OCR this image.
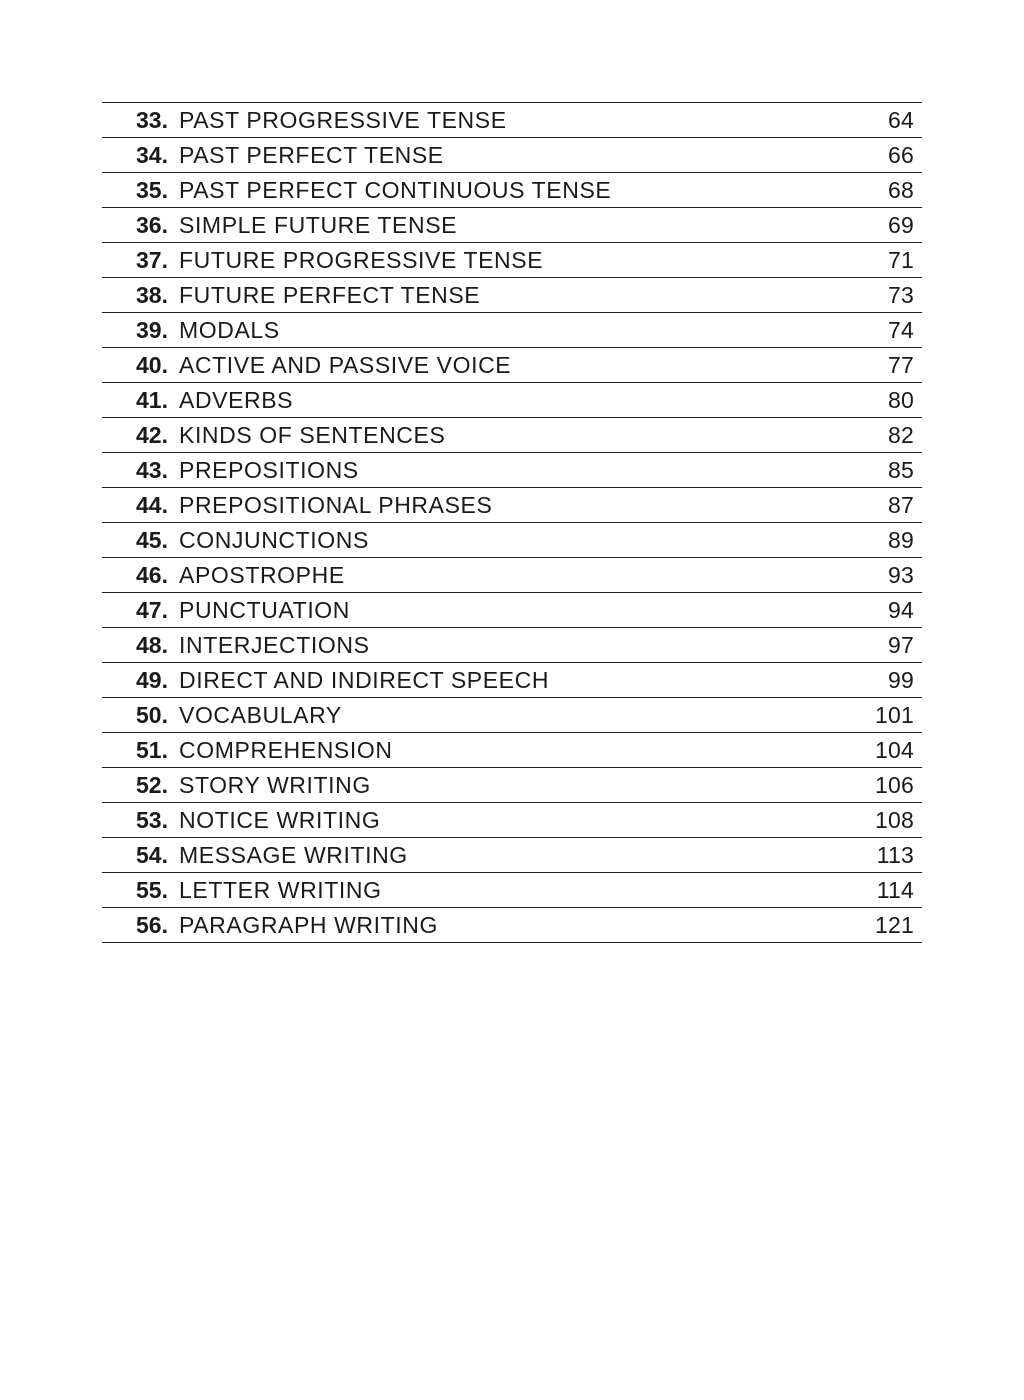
33. PAST PROGRESSIVE TENSE	64
34. PAST PERFECT TENSE	66
35. PAST PERFECT CONTINUOUS TENSE	68
36. SIMPLE FUTURE TENSE	69
37. FUTURE PROGRESSIVE TENSE	71
38. FUTURE PERFECT TENSE	73
39. MODALS	74
40. ACTIVE AND PASSIVE VOICE	77
41. ADVERBS	80
42. KINDS OF SENTENCES	82
43. PREPOSITIONS	85
44. PREPOSITIONAL PHRASES	87
45. CONJUNCTIONS	89
46. APOSTROPHE	93
47. PUNCTUATION	94
48. INTERJECTIONS	97
49. DIRECT AND INDIRECT SPEECH	99
50. VOCABULARY	101
51. COMPREHENSION	104
52. STORY WRITING	106
53. NOTICE WRITING	108
54. MESSAGE WRITING	113
55. LETTER WRITING	114
56. PARAGRAPH WRITING	121
